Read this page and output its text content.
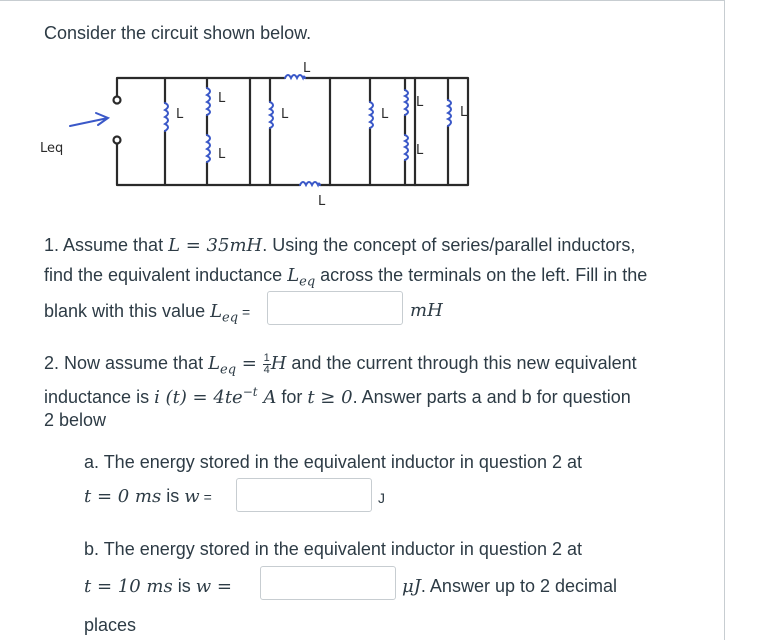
Consider the circuit shown below.
Leq
L
L
L
L
L
L
L
L
L
L
1. Assume that L = 35mH. Using the concept of series/parallel inductors,
find the equivalent inductance $L_{eq}$ across the terminals on the left. Fill in the
blank with this value $L_{eq}$ =	mH
2. Now assume that $L_{eq} = \frac{1}{4}$ H and the current through this new equivalent
inductance is i $(t) = 4te^{-t}$ A for t ≥ 0. Answer parts a and b for question
2 below
a. The energy stored in the equivalent inductor in question 2 at
t = 0 ms is w =	J
b. The energy stored in the equivalent inductor in question 2 at
t = 10 ms is w =	μJ. Answer up to 2 decimal
places
